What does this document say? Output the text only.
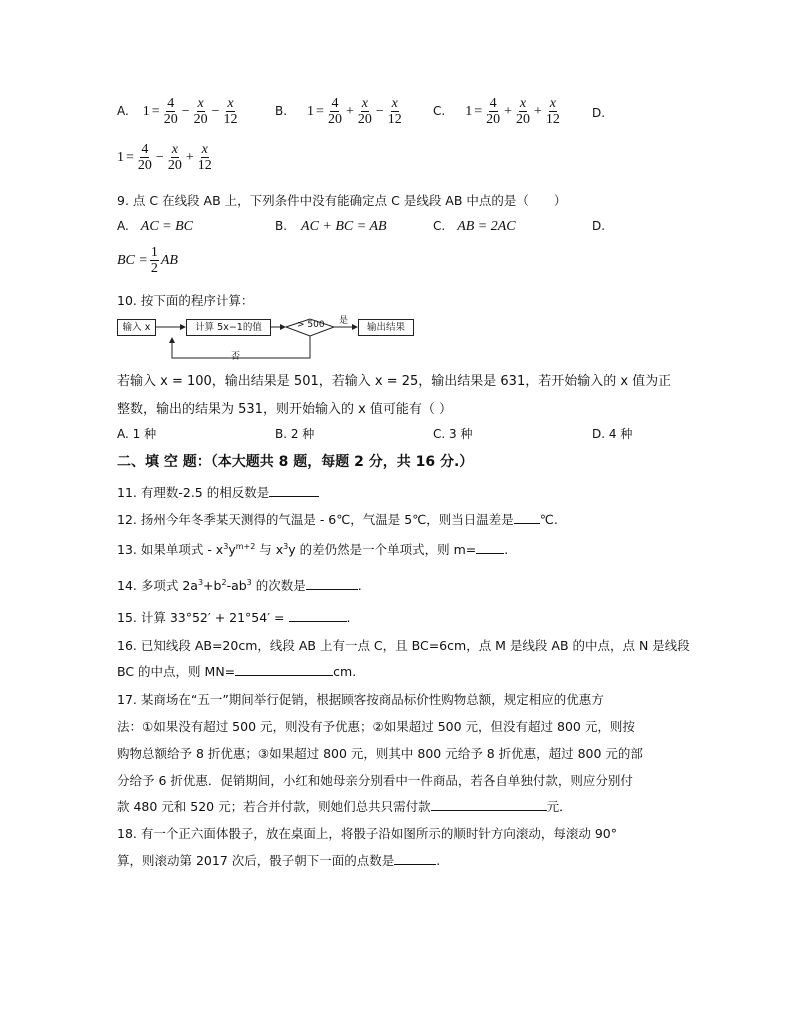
A. $1 = \frac{4}{20} - \frac{x}{20} - \frac{x}{12}$	B. $1 = \frac{4}{20} + \frac{x}{20} - \frac{x}{12}$	C. $1 = \frac{4}{20} + \frac{x}{20} + \frac{x}{12}$	D.
$1 = \frac{4}{20} - \frac{x}{20} + \frac{x}{12}$
9. 点 C 在线段 AB 上，下列条件中没有能确定点 C 是线段 AB 中点的是（　　）
A. AC = BC	B. AC + BC = AB	C. AB = 2AC	D.
BC = $\frac{1}{2}$ AB
10. 按下面的程序计算：
输入 x	计算 5x−1的值	> 500 是
输出结果
否
若输入 x = 100，输出结果是 501，若输入 x = 25，输出结果是 631，若开始输入的 x 值为正
整数，输出的结果为 531，则开始输入的 x 值可能有（ ）
A. 1 种	B. 2 种	C. 3 种	D. 4 种
二、填 空 题：（本大题共 8 题，每题 2 分，共 16 分.）
11. 有理数-2.5 的相反数是
12. 扬州今年冬季某天测得的气温是 - 6℃，气温是 5℃，则当日温差是 ℃.
13. 如果单项式 - $x^3y^{m+2}$ 与 $x^3y$ 的差仍然是一个单项式，则 m= .
14. 多项式 $2a^3+b^2-ab^3$ 的次数是	.
15. 计算 33°52′ + 21°54′ =	.
16. 已知线段 AB=20cm，线段 AB 上有一点 C，且 BC=6cm，点 M 是线段 AB 的中点，点 N 是线段
BC 的中点，则 MN=	cm.
17. 某商场在“五一”期间举行促销，根据顾客按商品标价性购物总额，规定相应的优惠方
法：①如果没有超过 500 元，则没有予优惠；②如果超过 500 元，但没有超过 800 元，则按
购物总额给予 8 折优惠；③如果超过 800 元，则其中 800 元给予 8 折优惠，超过 800 元的部
分给予 6 折优惠．促销期间，小红和她母亲分别看中一件商品，若各自单独付款，则应分别付
款 480 元和 520 元；若合并付款，则她们总共只需付款	元．
18. 有一个正六面体骰子，放在桌面上，将骰子沿如图所示的顺时针方向滚动，每滚动 90°
算，则滚动第 2017 次后，骰子朝下一面的点数是	.
